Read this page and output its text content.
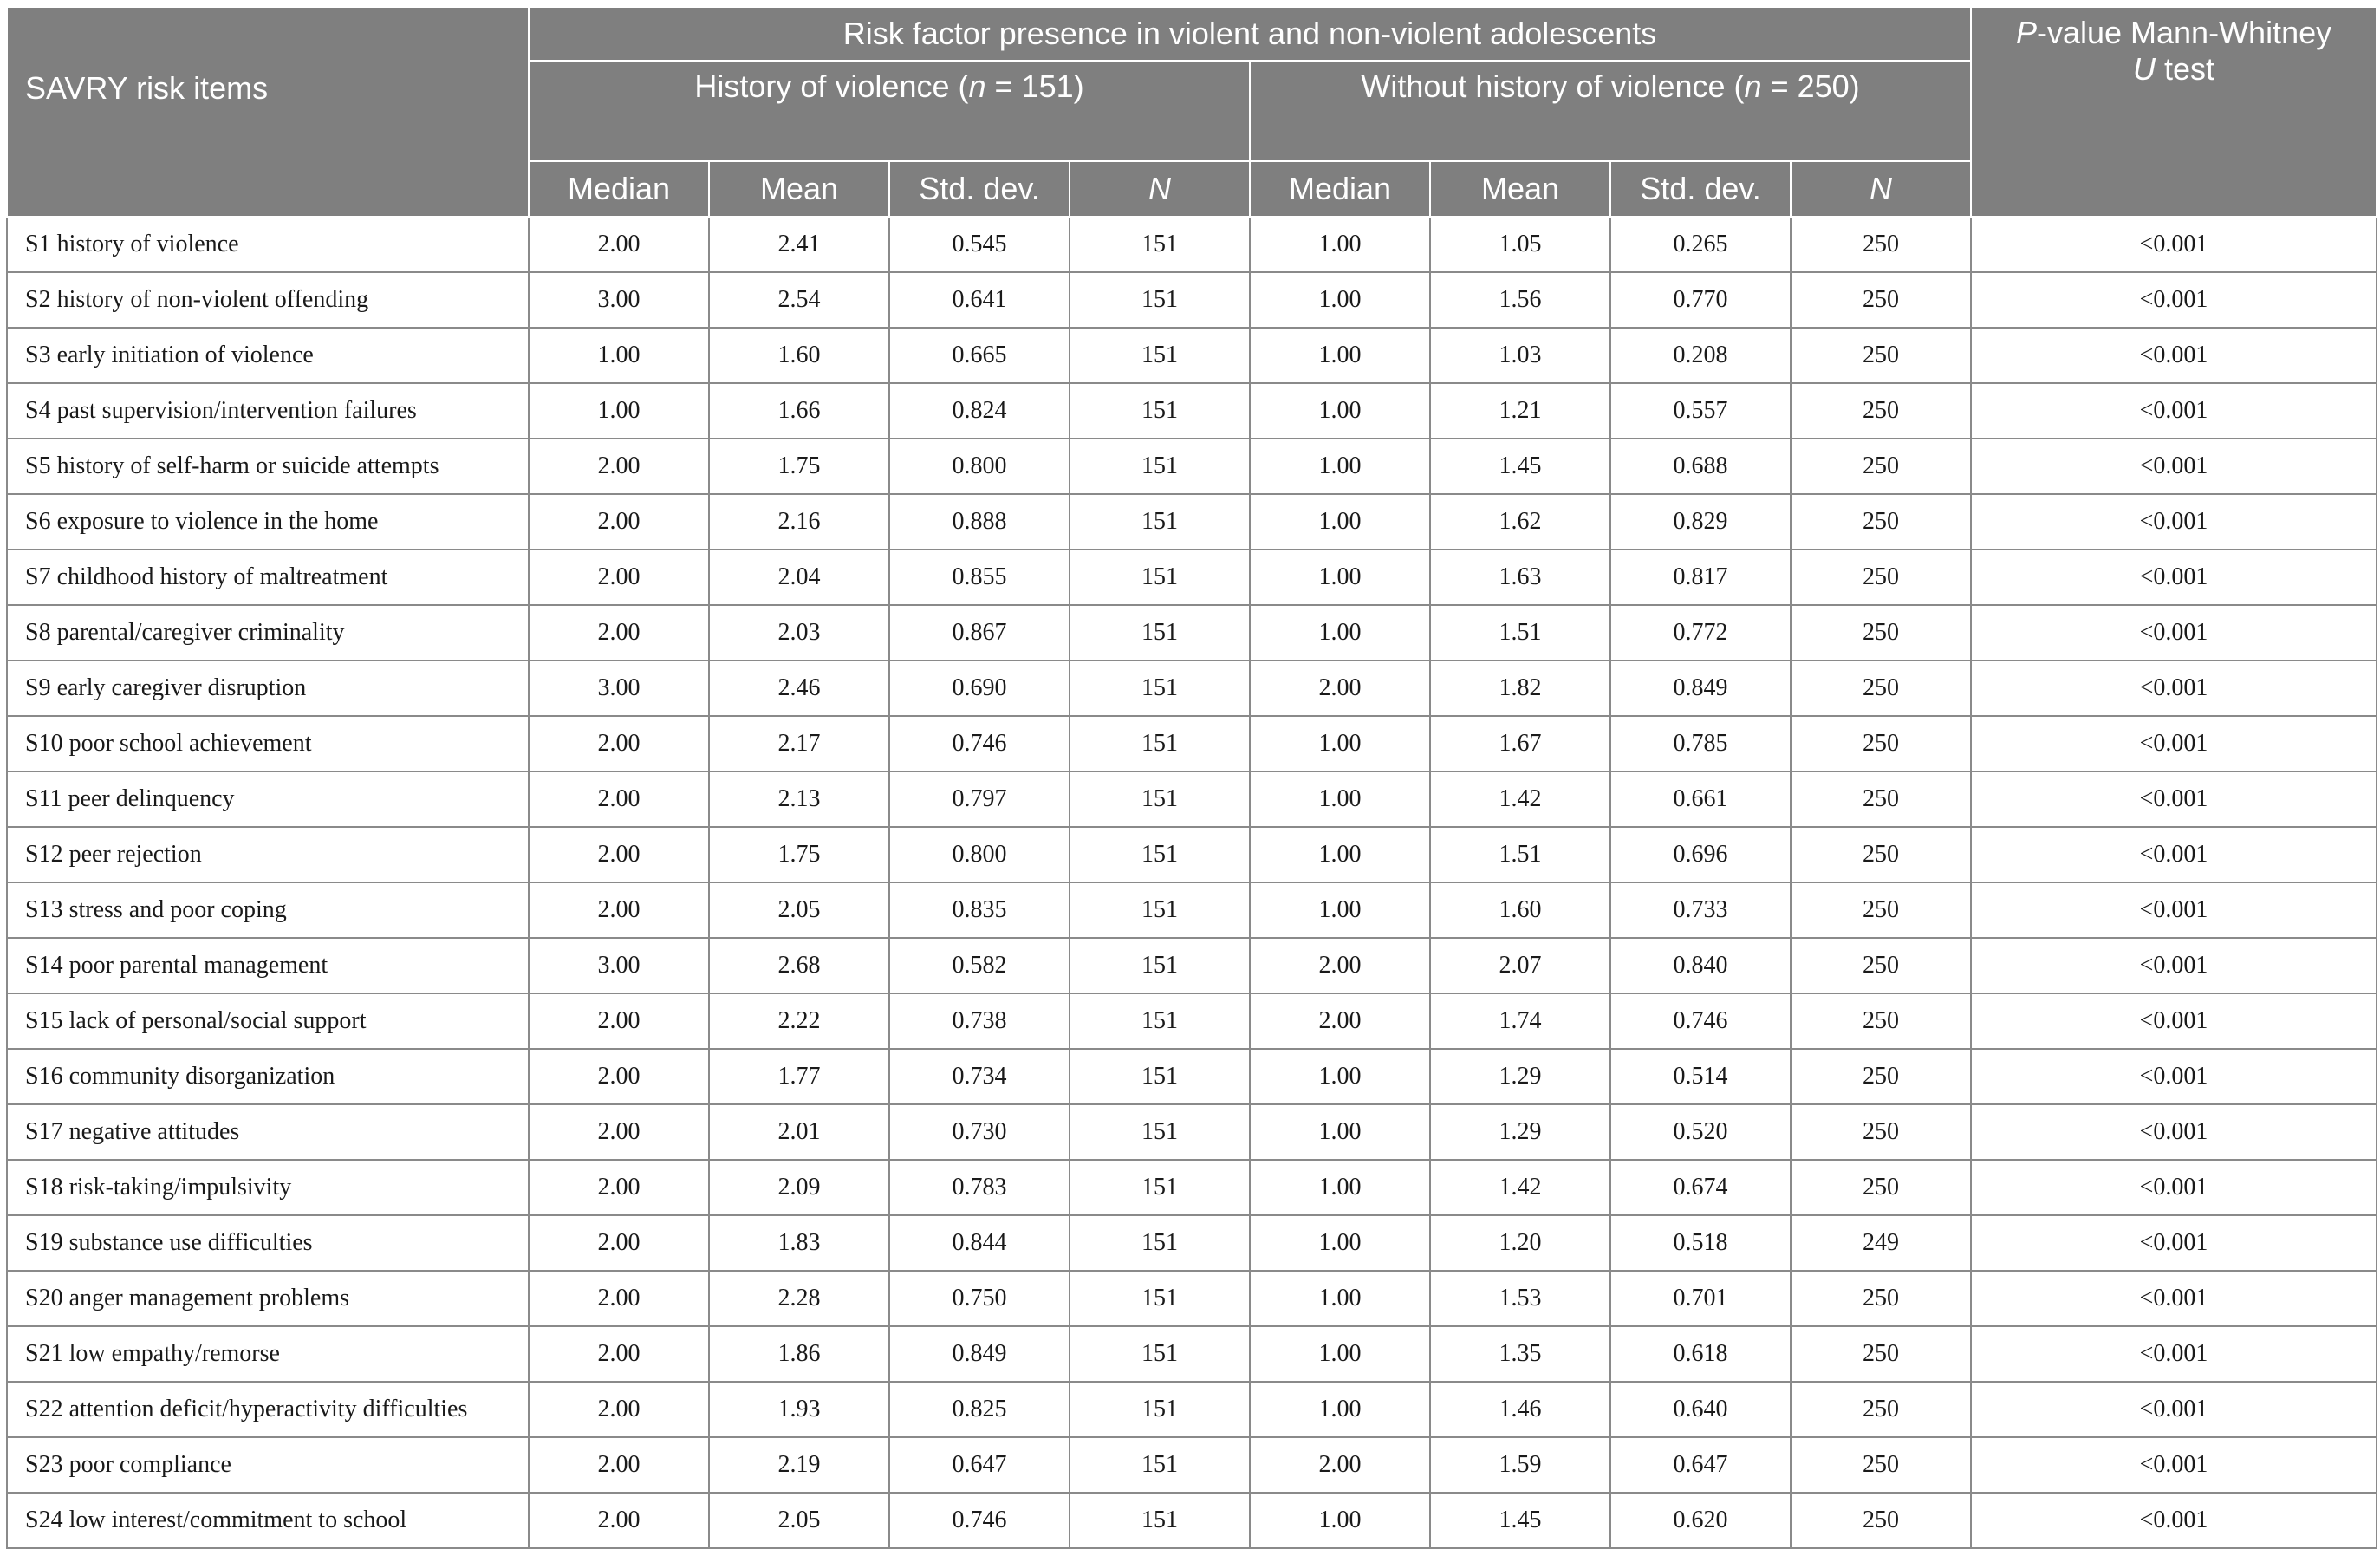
SAVRY risk items	Risk factor presence in violent and non-violent adolescents								P-value Mann-Whitney
U test
	History of violence (n = 151)				Without history of violence (n = 250)				
	Median	Mean	Std. dev.	N	Median	Mean	Std. dev.	N	
S1 history of violence	2.00	2.41	0.545	151	1.00	1.05	0.265	250	<0.001
S2 history of non-violent offending	3.00	2.54	0.641	151	1.00	1.56	0.770	250	<0.001
S3 early initiation of violence	1.00	1.60	0.665	151	1.00	1.03	0.208	250	<0.001
S4 past supervision/intervention failures	1.00	1.66	0.824	151	1.00	1.21	0.557	250	<0.001
S5 history of self-harm or suicide attempts	2.00	1.75	0.800	151	1.00	1.45	0.688	250	<0.001
S6 exposure to violence in the home	2.00	2.16	0.888	151	1.00	1.62	0.829	250	<0.001
S7 childhood history of maltreatment	2.00	2.04	0.855	151	1.00	1.63	0.817	250	<0.001
S8 parental/caregiver criminality	2.00	2.03	0.867	151	1.00	1.51	0.772	250	<0.001
S9 early caregiver disruption	3.00	2.46	0.690	151	2.00	1.82	0.849	250	<0.001
S10 poor school achievement	2.00	2.17	0.746	151	1.00	1.67	0.785	250	<0.001
S11 peer delinquency	2.00	2.13	0.797	151	1.00	1.42	0.661	250	<0.001
S12 peer rejection	2.00	1.75	0.800	151	1.00	1.51	0.696	250	<0.001
S13 stress and poor coping	2.00	2.05	0.835	151	1.00	1.60	0.733	250	<0.001
S14 poor parental management	3.00	2.68	0.582	151	2.00	2.07	0.840	250	<0.001
S15 lack of personal/social support	2.00	2.22	0.738	151	2.00	1.74	0.746	250	<0.001
S16 community disorganization	2.00	1.77	0.734	151	1.00	1.29	0.514	250	<0.001
S17 negative attitudes	2.00	2.01	0.730	151	1.00	1.29	0.520	250	<0.001
S18 risk-taking/impulsivity	2.00	2.09	0.783	151	1.00	1.42	0.674	250	<0.001
S19 substance use difficulties	2.00	1.83	0.844	151	1.00	1.20	0.518	249	<0.001
S20 anger management problems	2.00	2.28	0.750	151	1.00	1.53	0.701	250	<0.001
S21 low empathy/remorse	2.00	1.86	0.849	151	1.00	1.35	0.618	250	<0.001
S22 attention deficit/hyperactivity difficulties	2.00	1.93	0.825	151	1.00	1.46	0.640	250	<0.001
S23 poor compliance	2.00	2.19	0.647	151	2.00	1.59	0.647	250	<0.001
S24 low interest/commitment to school	2.00	2.05	0.746	151	1.00	1.45	0.620	250	<0.001
